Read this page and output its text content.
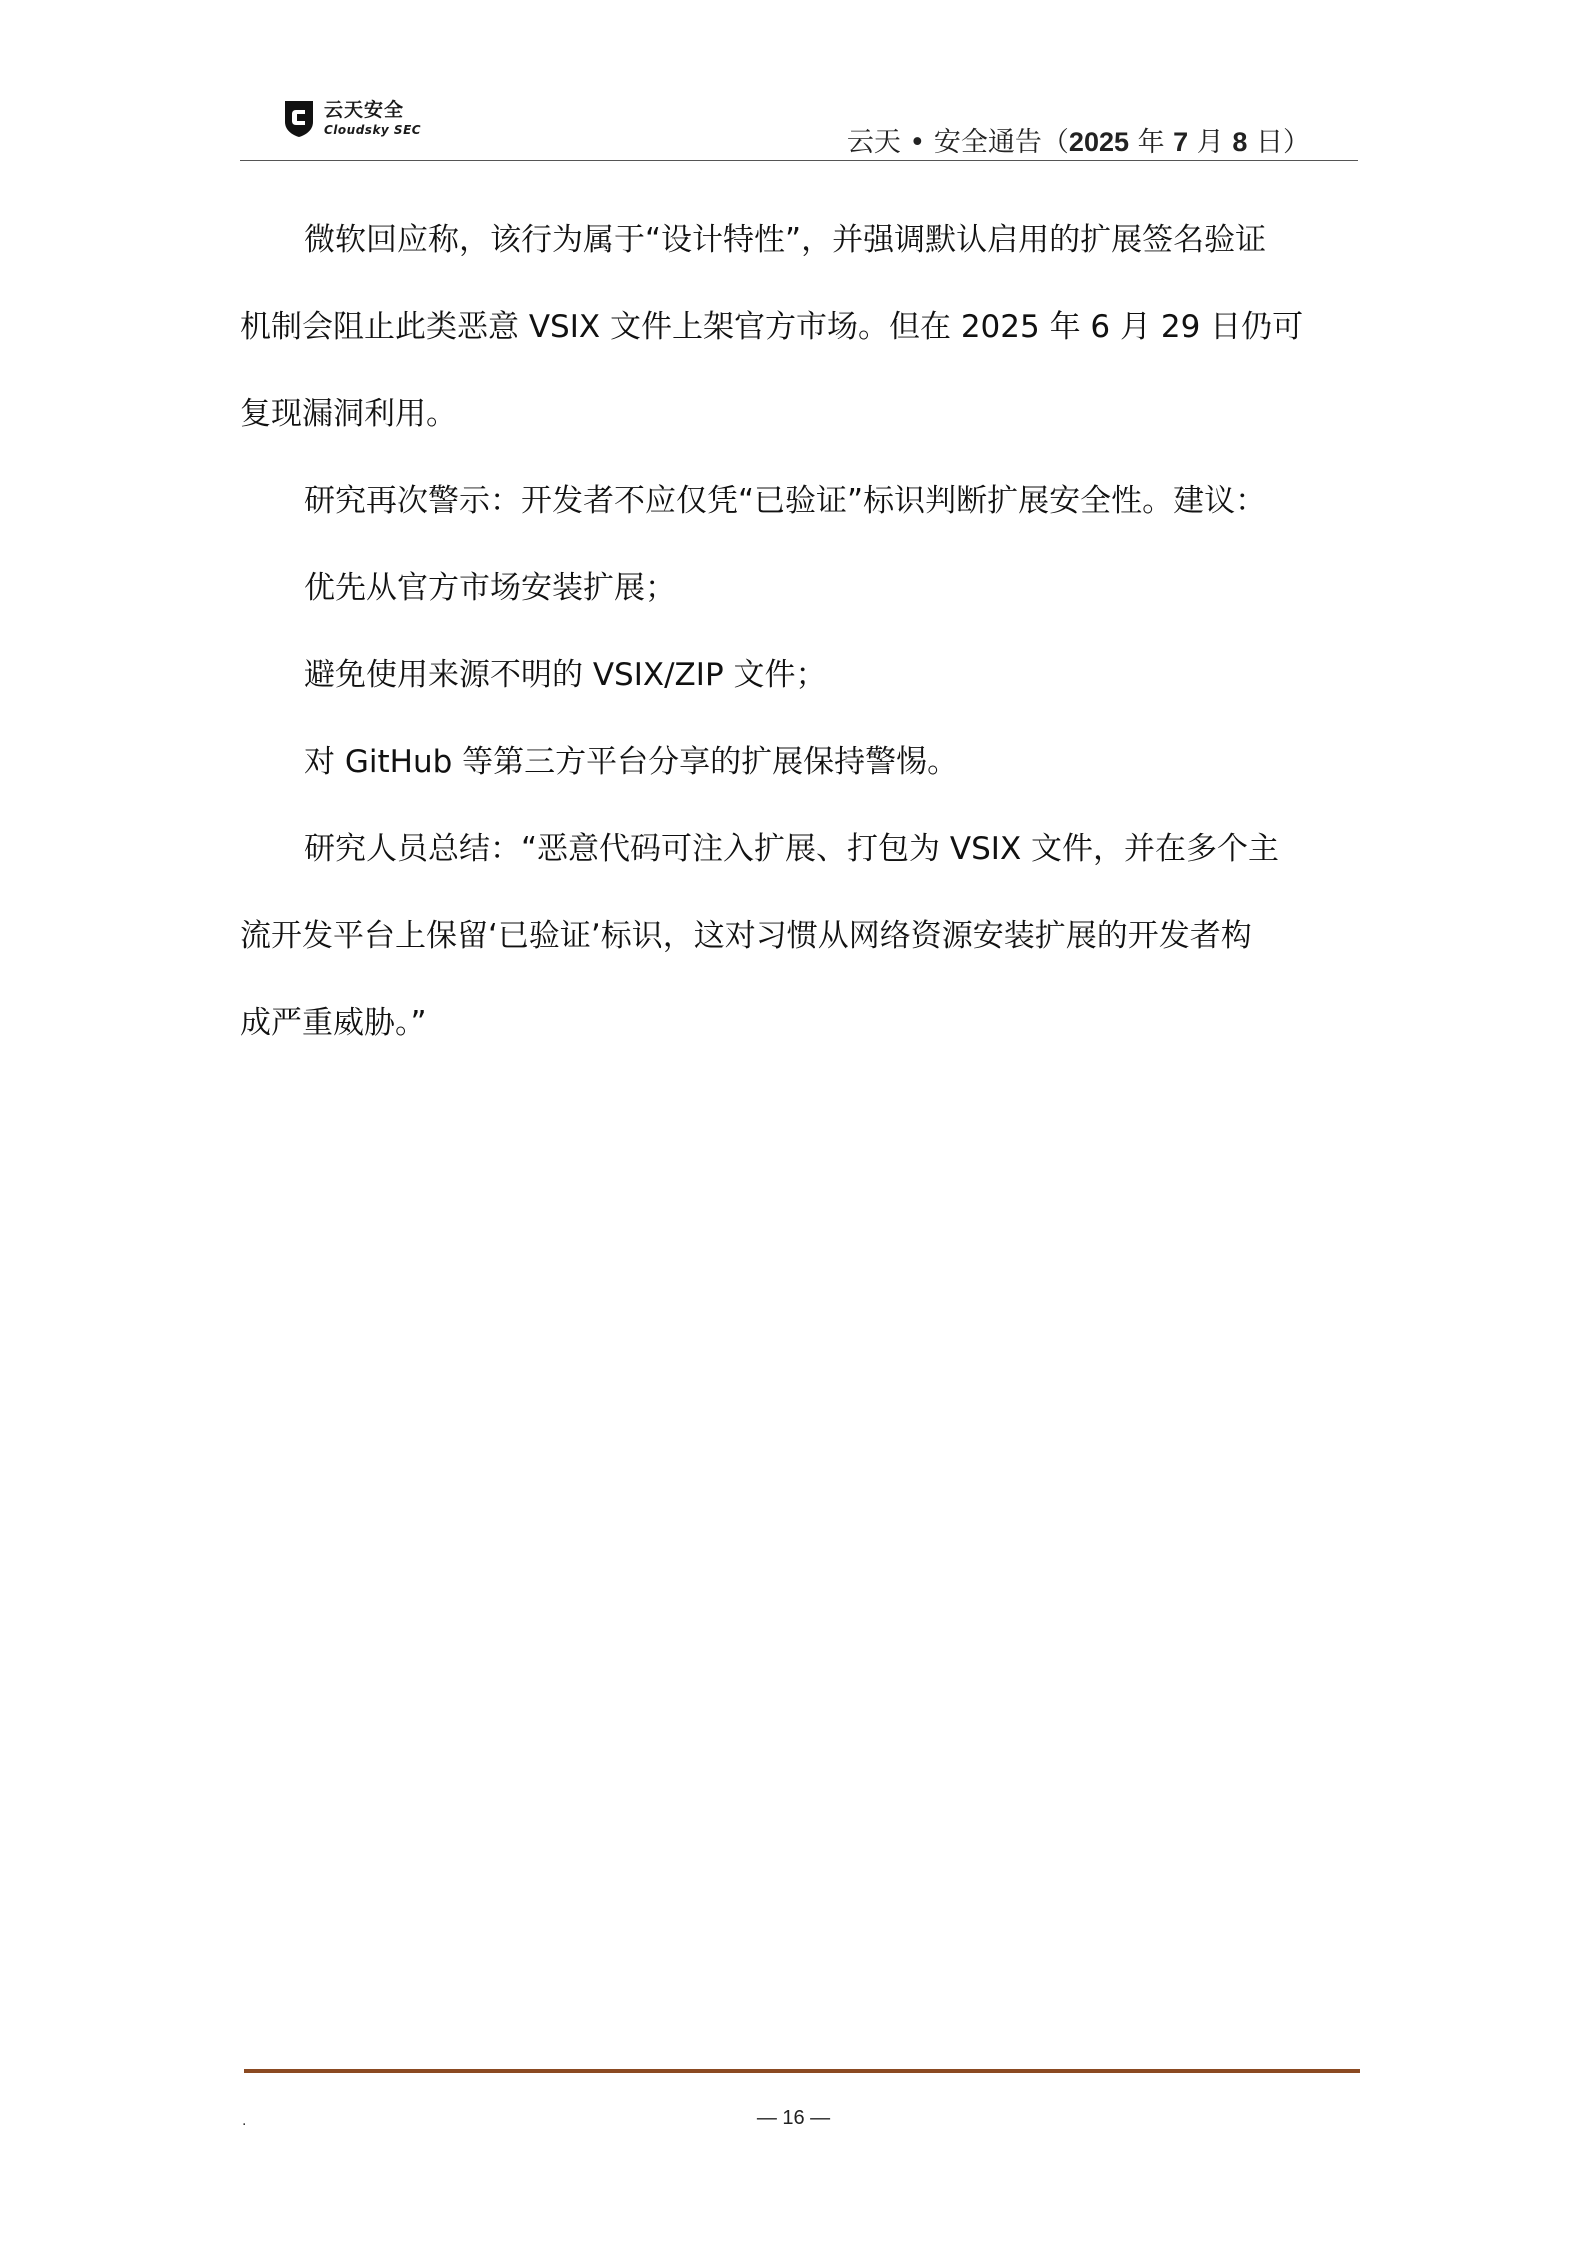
云天安全
Cloudsky SEC	云天 • 安全通告（2025 年 7 月 8 日）
微软回应称，该行为属于“设计特性”，并强调默认启用的扩展签名验证
机制会阻止此类恶意 VSIX 文件上架官方市场。但在 2025 年 6 月 29 日仍可
复现漏洞利用。
研究再次警示：开发者不应仅凭“已验证”标识判断扩展安全性。建议：
优先从官方市场安装扩展；
避免使用来源不明的 VSIX/ZIP 文件；
对 GitHub 等第三方平台分享的扩展保持警惕。
研究人员总结：“恶意代码可注入扩展、打包为 VSIX 文件，并在多个主
流开发平台上保留‘已验证’标识，这对习惯从网络资源安装扩展的开发者构
成严重威胁。”
.	— 16 —
